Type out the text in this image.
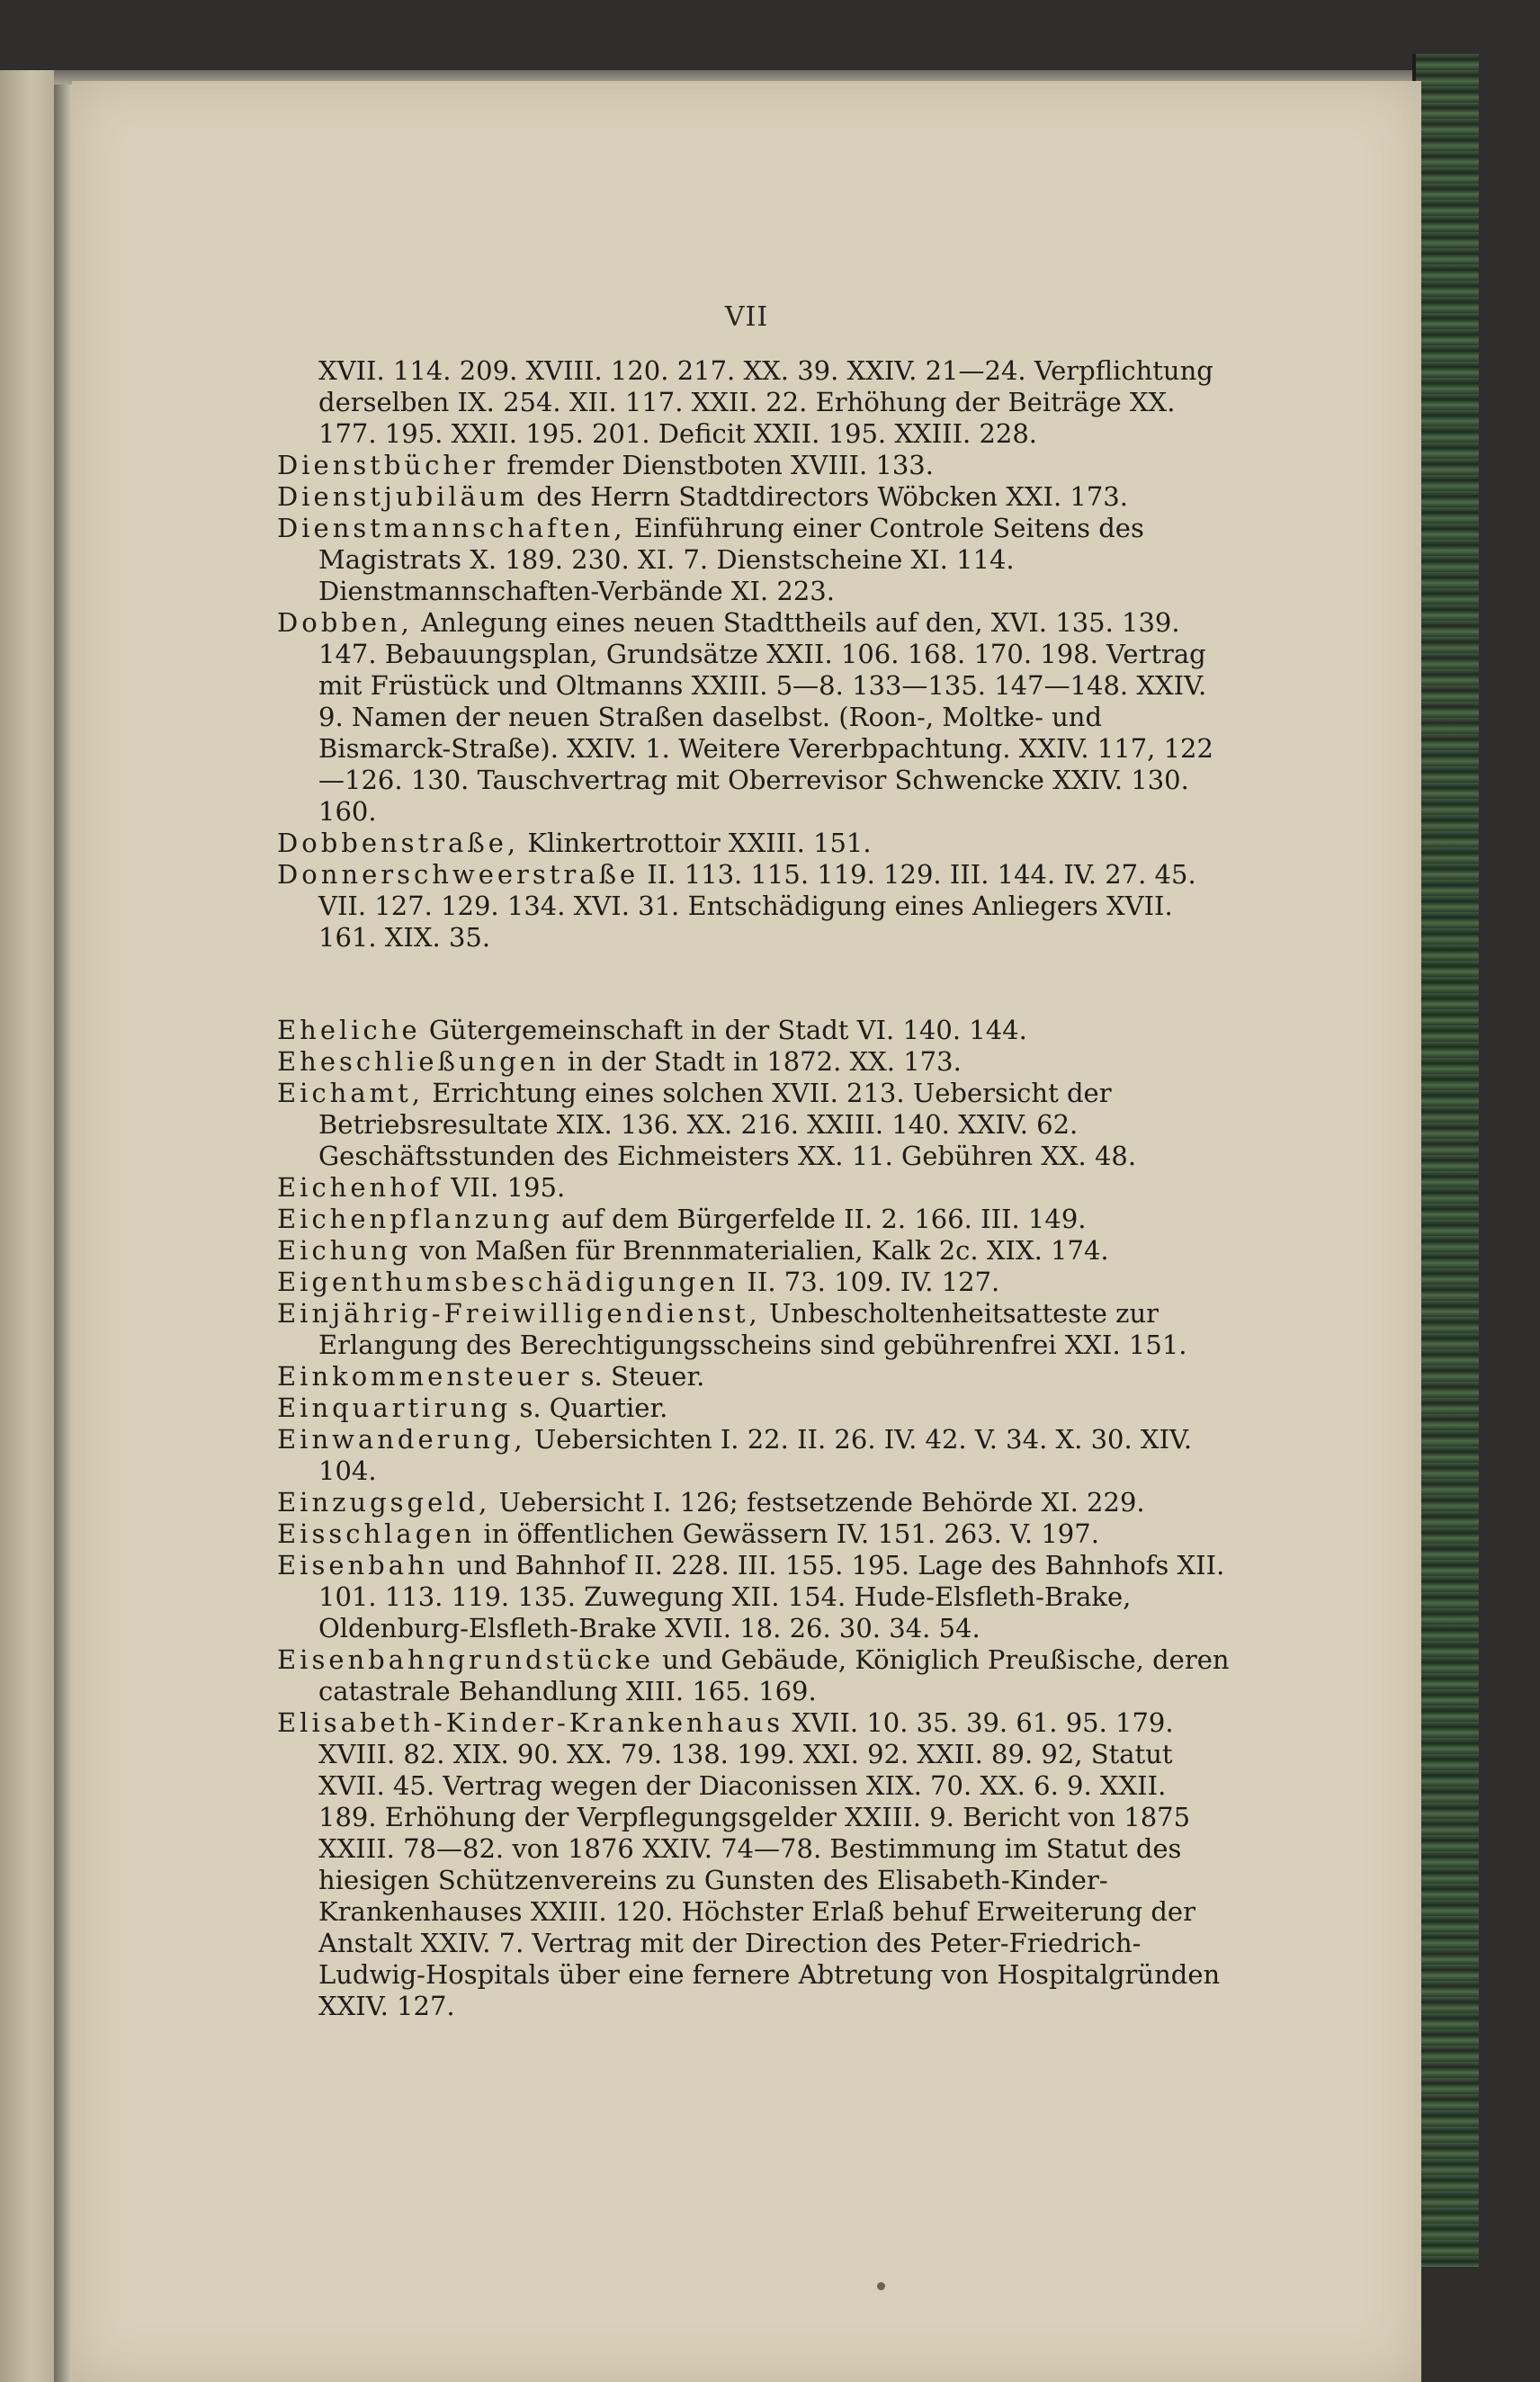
VII

XVII. 114. 209. XVIII. 120. 217. XX. 39. XXIV. 21—24. Verpflichtung derselben IX. 254. XII. 117. XXII. 22. Erhöhung der Beiträge XX. 177. 195. XXII. 195. 201. Deficit XXII. 195. XXIII. 228.

Dienstbücher fremder Dienstboten XVIII. 133.

Dienstjubiläum des Herrn Stadtdirectors Wöbcken XXI. 173.

Dienstmannschaften, Einführung einer Controle Seitens des Magistrats X. 189. 230. XI. 7. Dienstscheine XI. 114. Dienstmannschaften-Verbände XI. 223.

Dobben, Anlegung eines neuen Stadttheils auf den, XVI. 135. 139. 147. Bebauungsplan, Grundsätze XXII. 106. 168. 170. 198. Vertrag mit Früstück und Oltmanns XXIII. 5—8. 133—135. 147—148. XXIV. 9. Namen der neuen Straßen daselbst. (Roon-, Moltke- und Bismarck-Straße). XXIV. 1. Weitere Vererbpachtung. XXIV. 117, 122—126. 130. Tauschvertrag mit Oberrevisor Schwencke XXIV. 130. 160.

Dobbenstraße, Klinkertrottoir XXIII. 151.

Donnerschweerstraße II. 113. 115. 119. 129. III. 144. IV. 27. 45. VII. 127. 129. 134. XVI. 31. Entschädigung eines Anliegers XVII. 161. XIX. 35.

Eheliche Gütergemeinschaft in der Stadt VI. 140. 144.

Eheschließungen in der Stadt in 1872. XX. 173.

Eichamt, Errichtung eines solchen XVII. 213. Uebersicht der Betriebsresultate XIX. 136. XX. 216. XXIII. 140. XXIV. 62. Geschäftsstunden des Eichmeisters XX. 11. Gebühren XX. 48.

Eichenhof VII. 195.

Eichenpflanzung auf dem Bürgerfelde II. 2. 166. III. 149.

Eichung von Maßen für Brennmaterialien, Kalk 2c. XIX. 174.

Eigenthumsbeschädigungen II. 73. 109. IV. 127.

Einjährig-Freiwilligendienst, Unbescholtenheitsatteste zur Erlangung des Berechtigungsscheins sind gebührenfrei XXI. 151.

Einkommensteuer s. Steuer.

Einquartirung s. Quartier.

Einwanderung, Uebersichten I. 22. II. 26. IV. 42. V. 34. X. 30. XIV. 104.

Einzugsgeld, Uebersicht I. 126; festsetzende Behörde XI. 229.

Eisschlagen in öffentlichen Gewässern IV. 151. 263. V. 197.

Eisenbahn und Bahnhof II. 228. III. 155. 195. Lage des Bahnhofs XII. 101. 113. 119. 135. Zuwegung XII. 154. Hude-Elsfleth-Brake, Oldenburg-Elsfleth-Brake XVII. 18. 26. 30. 34. 54.

Eisenbahngrundstücke und Gebäude, Königlich Preußische, deren catastrale Behandlung XIII. 165. 169.

Elisabeth-Kinder-Krankenhaus XVII. 10. 35. 39. 61. 95. 179. XVIII. 82. XIX. 90. XX. 79. 138. 199. XXI. 92. XXII. 89. 92, Statut XVII. 45. Vertrag wegen der Diaconissen XIX. 70. XX. 6. 9. XXII. 189. Erhöhung der Verpflegungsgelder XXIII. 9. Bericht von 1875 XXIII. 78—82. von 1876 XXIV. 74—78. Bestimmung im Statut des hiesigen Schützenvereins zu Gunsten des Elisabeth-Kinder-Krankenhauses XXIII. 120. Höchster Erlaß behuf Erweiterung der Anstalt XXIV. 7. Vertrag mit der Direction des Peter-Friedrich-Ludwig-Hospitals über eine fernere Abtretung von Hospitalgründen XXIV. 127.
